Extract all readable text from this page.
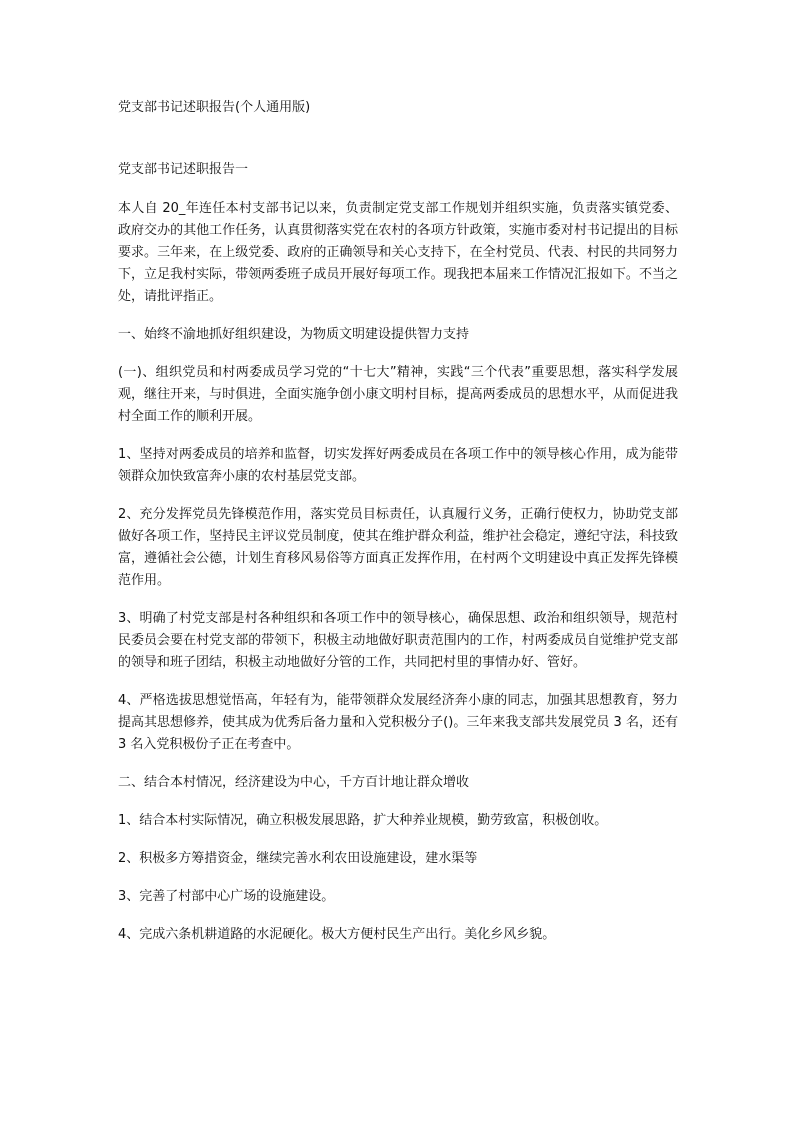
党支部书记述职报告(个人通用版)
党支部书记述职报告一

本人自 20_年连任本村支部书记以来，负责制定党支部工作规划并组织实施，负责落实镇党委、政府交办的其他工作任务，认真贯彻落实党在农村的各项方针政策，实施市委对村书记提出的目标要求。三年来，在上级党委、政府的正确领导和关心支持下，在全村党员、代表、村民的共同努力下，立足我村实际，带领两委班子成员开展好每项工作。现我把本届来工作情况汇报如下。不当之处，请批评指正。

一、始终不渝地抓好组织建设，为物质文明建设提供智力支持

(一)、组织党员和村两委成员学习党的“十七大”精神，实践“三个代表”重要思想，落实科学发展观，继往开来，与时俱进，全面实施争创小康文明村目标，提高两委成员的思想水平，从而促进我村全面工作的顺利开展。

1、坚持对两委成员的培养和监督，切实发挥好两委成员在各项工作中的领导核心作用，成为能带领群众加快致富奔小康的农村基层党支部。

2、充分发挥党员先锋模范作用，落实党员目标责任，认真履行义务，正确行使权力，协助党支部做好各项工作，坚持民主评议党员制度，使其在维护群众利益，维护社会稳定，遵纪守法，科技致富，遵循社会公德，计划生育移风易俗等方面真正发挥作用，在村两个文明建设中真正发挥先锋模范作用。

3、明确了村党支部是村各种组织和各项工作中的领导核心，确保思想、政治和组织领导，规范村民委员会要在村党支部的带领下，积极主动地做好职责范围内的工作，村两委成员自觉维护党支部的领导和班子团结，积极主动地做好分管的工作，共同把村里的事情办好、管好。

4、严格选拔思想觉悟高，年轻有为，能带领群众发展经济奔小康的同志，加强其思想教育，努力提高其思想修养，使其成为优秀后备力量和入党积极分子()。三年来我支部共发展党员 3 名，还有 3 名入党积极份子正在考查中。

二、结合本村情况，经济建设为中心，千方百计地让群众增收

1、结合本村实际情况，确立积极发展思路，扩大种养业规模，勤劳致富，积极创收。

2、积极多方筹措资金，继续完善水利农田设施建设，建水渠等

3、完善了村部中心广场的设施建设。

4、完成六条机耕道路的水泥硬化。极大方便村民生产出行。美化乡风乡貌。
